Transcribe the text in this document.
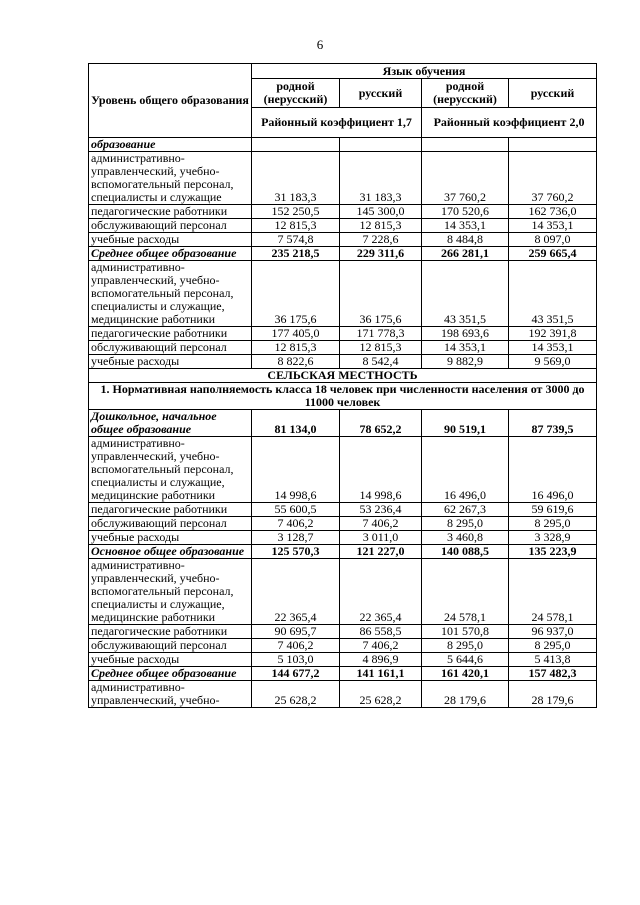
6
Уровень общего образования	Язык обучения			
	родной (нерусский)	русский	родной (нерусский)	русский
	Районный коэффициент 1,7		Районный коэффициент 2,0	
образование				
административно-управленческий, учебно-вспомогательный персонал, специалисты и служащие	31 183,3	31 183,3	37 760,2	37 760,2
педагогические работники	152 250,5	145 300,0	170 520,6	162 736,0
обслуживающий персонал	12 815,3	12 815,3	14 353,1	14 353,1
учебные расходы	7 574,8	7 228,6	8 484,8	8 097,0
Среднее общее образование	235 218,5	229 311,6	266 281,1	259 665,4
административно-управленческий, учебно-вспомогательный персонал, специалисты и служащие, медицинские работники	36 175,6	36 175,6	43 351,5	43 351,5
педагогические работники	177 405,0	171 778,3	198 693,6	192 391,8
обслуживающий персонал	12 815,3	12 815,3	14 353,1	14 353,1
учебные расходы	8 822,6	8 542,4	9 882,9	9 569,0
СЕЛЬСКАЯ МЕСТНОСТЬ				
1. Нормативная наполняемость класса 18 человек при численности населения от 3000 до 11000 человек				
Дошкольное, начальное общее образование	81 134,0	78 652,2	90 519,1	87 739,5
административно-управленческий, учебно-вспомогательный персонал, специалисты и служащие, медицинские работники	14 998,6	14 998,6	16 496,0	16 496,0
педагогические работники	55 600,5	53 236,4	62 267,3	59 619,6
обслуживающий персонал	7 406,2	7 406,2	8 295,0	8 295,0
учебные расходы	3 128,7	3 011,0	3 460,8	3 328,9
Основное общее образование	125 570,3	121 227,0	140 088,5	135 223,9
административно-управленческий, учебно-вспомогательный персонал, специалисты и служащие, медицинские работники	22 365,4	22 365,4	24 578,1	24 578,1
педагогические работники	90 695,7	86 558,5	101 570,8	96 937,0
обслуживающий персонал	7 406,2	7 406,2	8 295,0	8 295,0
учебные расходы	5 103,0	4 896,9	5 644,6	5 413,8
Среднее общее образование	144 677,2	141 161,1	161 420,1	157 482,3
административно-управленческий, учебно-	25 628,2	25 628,2	28 179,6	28 179,6
